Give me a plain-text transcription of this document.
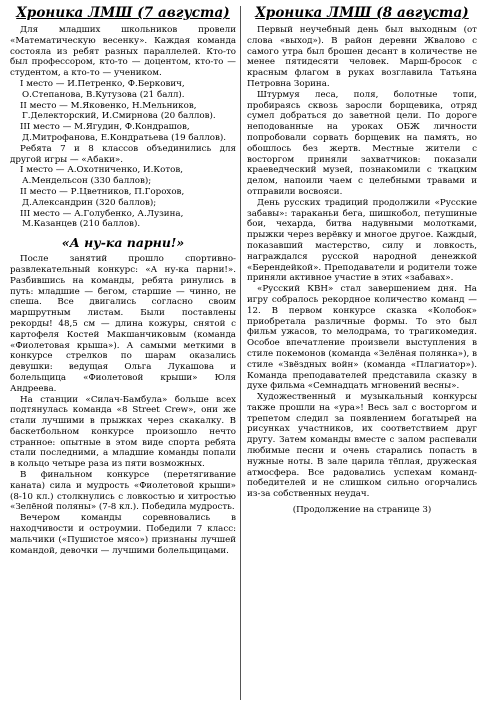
Хроника ЛМШ (7 августа)

Для младших школьников провели «Математическую весенку». Каждая команда состояла из ребят разных параллелей. Кто-то был профессором, кто-то — доцентом, кто-то — студентом, а кто-то — учеником.

I место — И.Петренко, Ф.Беркович,
О.Степанова, В.Кутузова (21 балл).
II место — М.Яковенко, Н.Мельников,
Г.Делекторский, И.Смирнова (20 баллов).
III место — М.Ягудин, Ф.Кондрашов,
Д.Митрофанова, Е.Кондратьева (19 баллов).

Ребята 7 и 8 классов объединились для другой игры — «Абаки».

I место — А.Охотниченко, И.Котов,
А.Мендельсон (330 баллов);
II место — Р.Цветников, П.Горохов,
Д.Александрин (320 баллов);
III место — А.Голубенко, А.Лузина,
М.Казанцев (210 баллов).
«А ну-ка парни!»

После занятий прошло спортивно-развлекательный конкурс: «А ну-ка парни!». Разбившись на команды, ребята ринулись в путь: младшие — бегом, старшие — чинно, не спеша. Все двигались согласно своим маршрутным листам. Были поставлены рекорды! 48,5 см — длина кожуры, снятой с картофеля Костей Макшанчиковым (команда «Фиолетовая крыша»). А самыми меткими в конкурсе стрелков по шарам оказались девушки: ведущая Ольга Лукашова и болельщица «Фиолетовой крыши» Юля Андреева.

На станции «Силач-Бамбула» больше всех подтянулась команда «8 Street Crew», они же стали лучшими в прыжках через скакалку. В баскетбольном конкурсе произошло нечто странное: опытные в этом виде спорта ребята стали последними, а младшие команды попали в кольцо четыре раза из пяти возможных.

В финальном конкурсе (перетягивание каната) сила и мудрость «Фиолетовой крыши» (8-10 кл.) столкнулись с ловкостью и хитростью «Зелёной поляны» (7-8 кл.). Победила мудрость.

Вечером команды соревновались в находчивости и остроумии. Победили 7 класс: мальчики («Пушистое мясо») признаны лучшей командой, девочки — лучшими болельщицами.

Хроника ЛМШ (8 августа)

Первый неучебный день был выходным (от слова «выход»). В район деревни Жвалово с самого утра был брошен десант в количестве не менее пятидесяти человек. Марш-бросок с красным флагом в руках возглавила Татьяна Петровна Зорина.

Штурмуя леса, поля, болотные топи, пробираясь сквозь заросли борщевика, отряд сумел добраться до заветной цели. По дороге неподованные на уроках ОБЖ личности попробовали сорвать борщевик на память, но обошлось без жертв. Местные жители с восторгом приняли захватчиков: показали краеведческий музей, познакомили с ткацким делом, напоили чаем с целебными травами и отправили восвояси.

День русских традиций продолжили «Русские забавы»: тараканьи бега, шишкобол, петушиные бои, чехарда, битва надувными молотками, прыжки через верёвку и многое другое. Каждый, показавший мастерство, силу и ловкость, награждался русской народной денежкой «Берендейкой». Преподаватели и родители тоже приняли активное участие в этих «забавах».

«Русский КВН» стал завершением дня. На игру собралось рекордное количество команд — 12. В первом конкурсе сказка «Колобок» приобретала различные формы. То это был фильм ужасов, то мелодрама, то трагикомедия. Особое впечатление произвели выступления в стиле покемонов (команда «Зелёная полянка»), в стиле «Звёздных войн» (команда «Плагиатор»). Команда преподавателей представила сказку в духе фильма «Семнадцать мгновений весны».

Художественный и музыкальный конкурсы также прошли на «ура»! Весь зал с восторгом и трепетом следил за появлением богатырей на рисунках участников, их соответствием друг другу. Затем команды вместе с залом распевали любимые песни и очень старались попасть в нужные ноты. В зале царила тёплая, дружеская атмосфера. Все радовались успехам команд-победителей и не слишком сильно огорчались из-за собственных неудач.

(Продолжение на странице 3)
